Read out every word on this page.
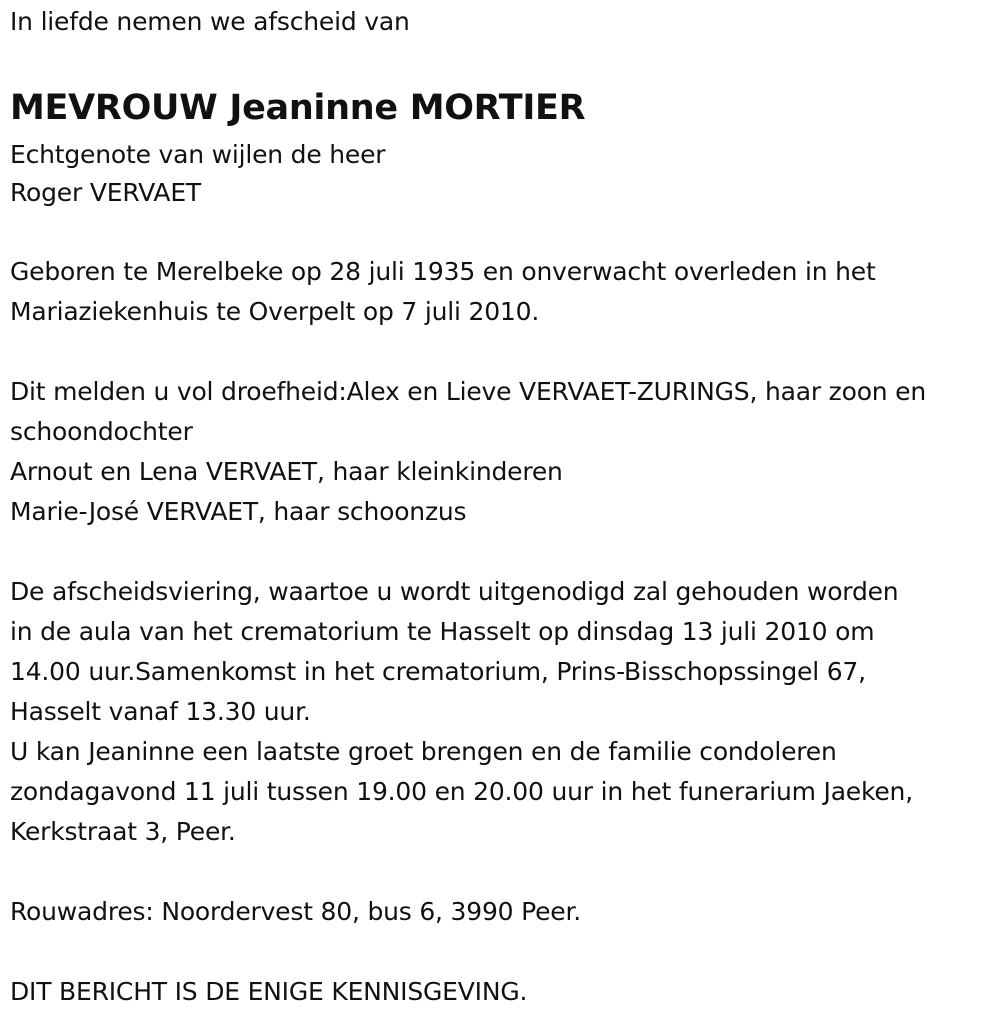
In liefde nemen we afscheid van
MEVROUW Jeaninne MORTIER
Echtgenote van wijlen de heer
Roger VERVAET
Geboren te Merelbeke op 28 juli 1935 en onverwacht overleden in het
Mariaziekenhuis te Overpelt op 7 juli 2010.
Dit melden u vol droefheid:Alex en Lieve VERVAET-ZURINGS, haar zoon en
schoondochter
Arnout en Lena VERVAET, haar kleinkinderen
Marie-José VERVAET, haar schoonzus
De afscheidsviering, waartoe u wordt uitgenodigd zal gehouden worden
in de aula van het crematorium te Hasselt op dinsdag 13 juli 2010 om
14.00 uur.Samenkomst in het crematorium, Prins-Bisschopssingel 67,
Hasselt vanaf 13.30 uur.
U kan Jeaninne een laatste groet brengen en de familie condoleren
zondagavond 11 juli tussen 19.00 en 20.00 uur in het funerarium Jaeken,
Kerkstraat 3, Peer.
Rouwadres: Noordervest 80, bus 6, 3990 Peer.
DIT BERICHT IS DE ENIGE KENNISGEVING.
